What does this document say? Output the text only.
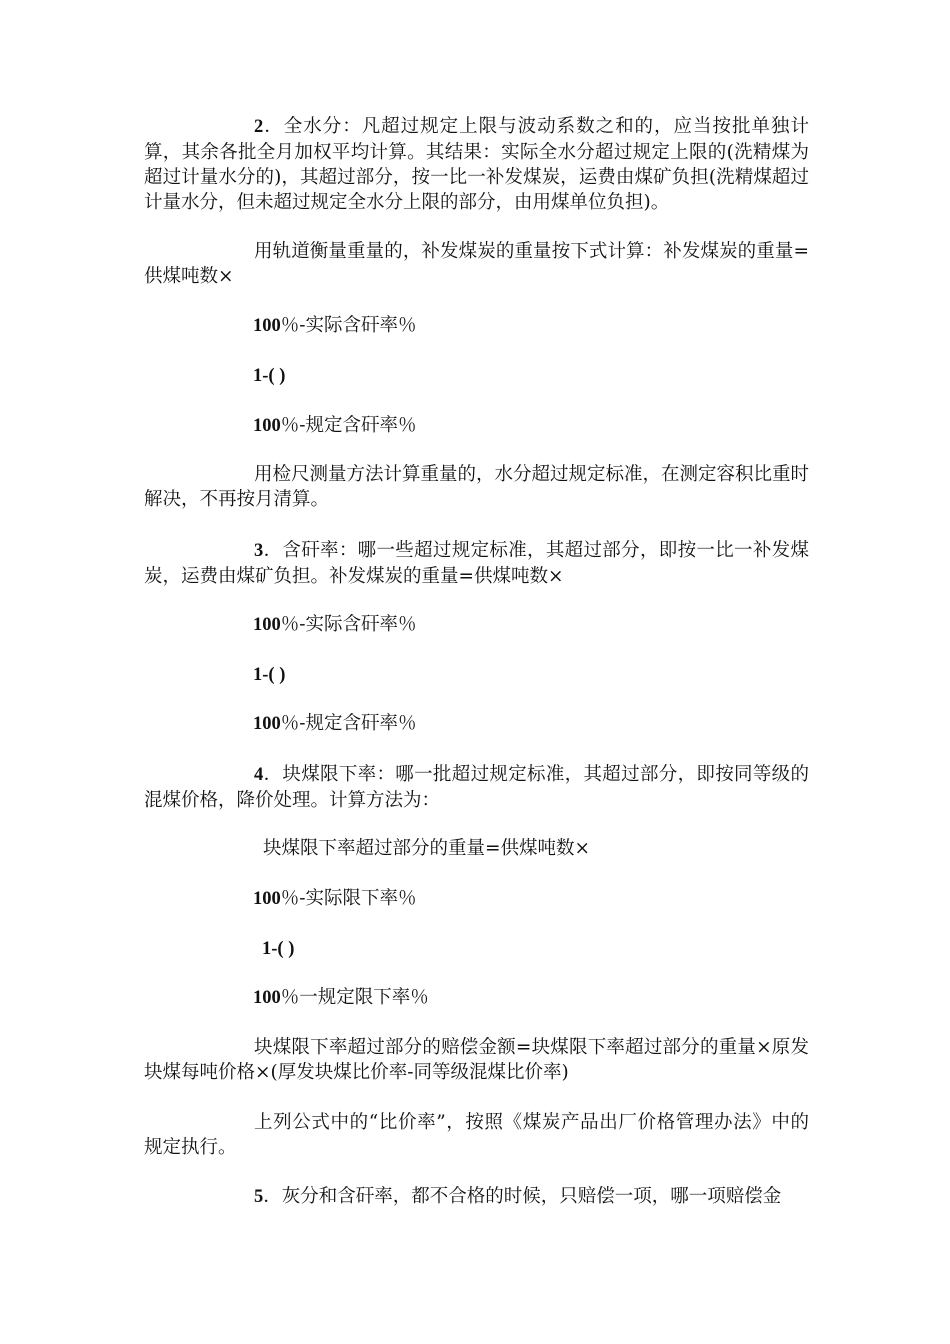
2．全水分：凡超过规定上限与波动系数之和的，应当按批单独计算，其余各批全月加权平均计算。其结果：实际全水分超过规定上限的(洗精煤为超过计量水分的)，其超过部分，按一比一补发煤炭，运费由煤矿负担(洗精煤超过计量水分，但未超过规定全水分上限的部分，由用煤单位负担)。

用轨道衡量重量的，补发煤炭的重量按下式计算：补发煤炭的重量=供煤吨数×

100％-实际含矸率％

1-( )

100％-规定含矸率％

用检尺测量方法计算重量的，水分超过规定标准，在测定容积比重时解决，不再按月清算。

3．含矸率：哪一些超过规定标准，其超过部分，即按一比一补发煤炭，运费由煤矿负担。补发煤炭的重量=供煤吨数×

100％-实际含矸率％

1-( )

100％-规定含矸率％

4．块煤限下率：哪一批超过规定标准，其超过部分，即按同等级的混煤价格，降价处理。计算方法为：

块煤限下率超过部分的重量=供煤吨数×

100％-实际限下率％

1-( )

100％一规定限下率％

块煤限下率超过部分的赔偿金额=块煤限下率超过部分的重量×原发块煤每吨价格×(厚发块煤比价率-同等级混煤比价率)

上列公式中的“比价率”，按照《煤炭产品出厂价格管理办法》中的规定执行。

5．灰分和含矸率，都不合格的时候，只赔偿一项，哪一项赔偿金
